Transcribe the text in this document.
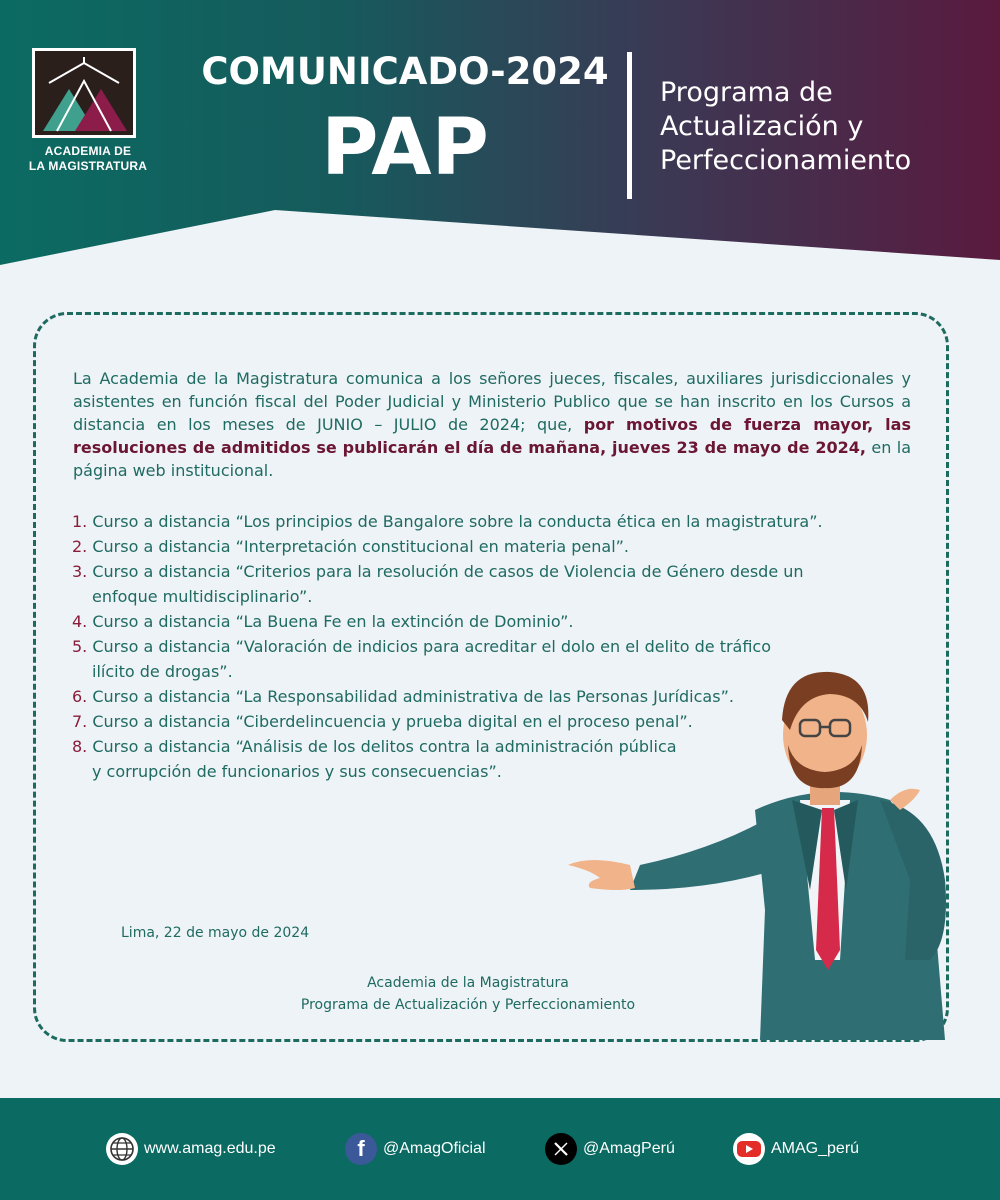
ACADEMIA DE
LA MAGISTRATURA
COMUNICADO-2024
PAP
Programa de
Actualización y
Perfeccionamiento

La Academia de la Magistratura comunica a los señores jueces, fiscales, auxiliares jurisdiccionales y asistentes en función fiscal del Poder Judicial y Ministerio Publico que se han inscrito en los Cursos a distancia en los meses de JUNIO – JULIO de 2024; que, por motivos de fuerza mayor, las resoluciones de admitidos se publicarán el día de mañana, jueves 23 de mayo de 2024, en la página web institucional.

1. Curso a distancia “Los principios de Bangalore sobre la conducta ética en la magistratura”.
2. Curso a distancia “Interpretación constitucional en materia penal”.
3. Curso a distancia “Criterios para la resolución de casos de Violencia de Género desde un
enfoque multidisciplinario”.
4. Curso a distancia “La Buena Fe en la extinción de Dominio”.
5. Curso a distancia “Valoración de indicios para acreditar el dolo en el delito de tráfico
ilícito de drogas”.
6. Curso a distancia “La Responsabilidad administrativa de las Personas Jurídicas”.
7. Curso a distancia “Ciberdelincuencia y prueba digital en el proceso penal”.
8. Curso a distancia “Análisis de los delitos contra la administración pública
y corrupción de funcionarios y sus consecuencias”.
Lima, 22 de mayo de 2024
Academia de la Magistratura
Programa de Actualización y Perfeccionamiento
www.amag.edu.pe	f @AmagOficial	@AmagPerú	AMAG_perú
